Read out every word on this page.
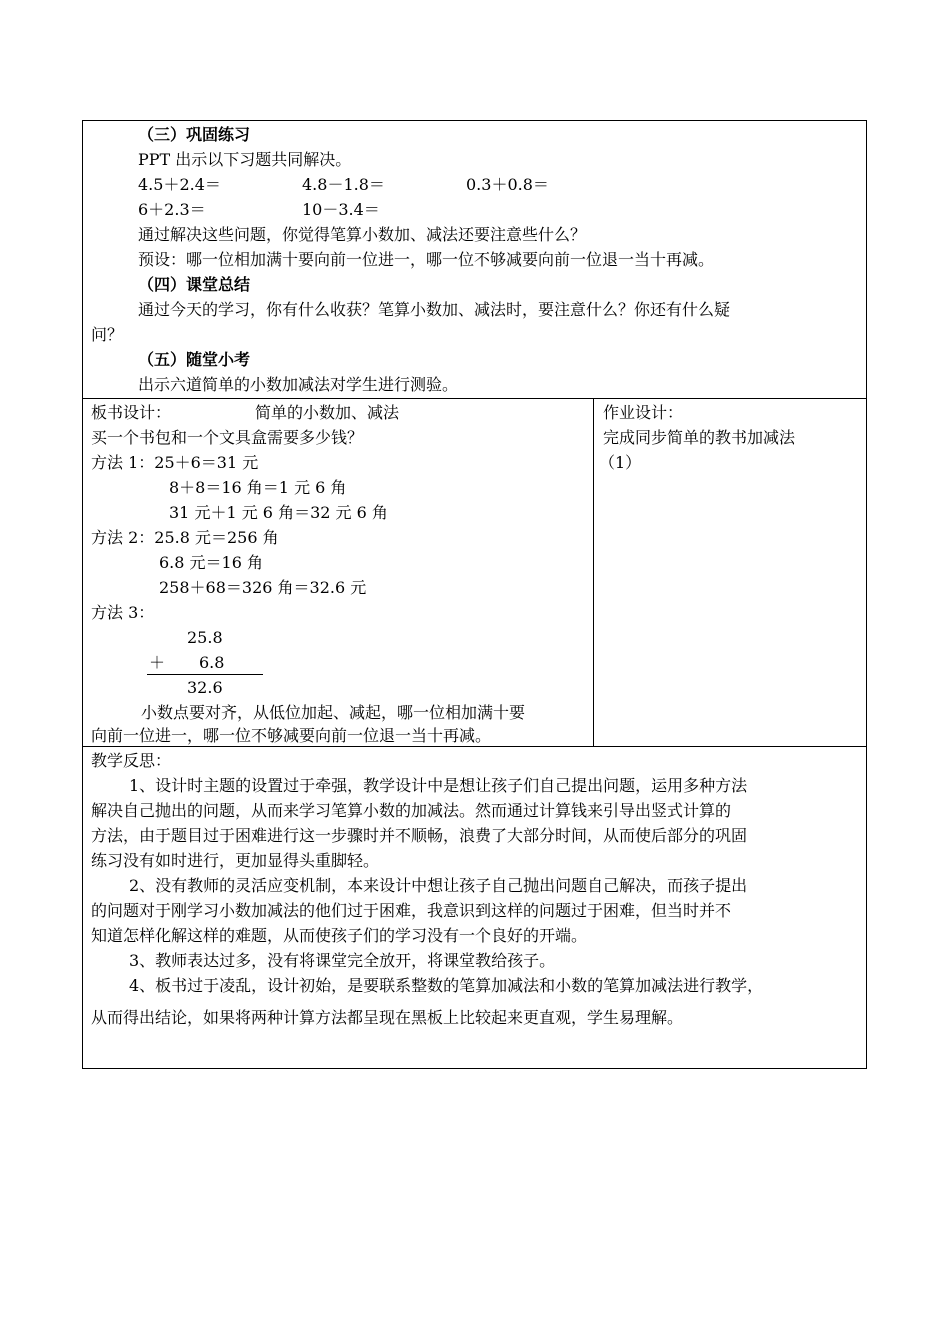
（三）巩固练习
PPT 出示以下习题共同解决。
4.5＋2.4＝	4.8－1.8＝	0.3＋0.8＝
6＋2.3＝	10－3.4＝
通过解决这些问题，你觉得笔算小数加、减法还要注意些什么？
预设：哪一位相加满十要向前一位进一，哪一位不够减要向前一位退一当十再减。
（四）课堂总结
通过今天的学习，你有什么收获？笔算小数加、减法时，要注意什么？你还有什么疑
问？
（五）随堂小考
出示六道简单的小数加减法对学生进行测验。
板书设计：	简单的小数加、减法
买一个书包和一个文具盒需要多少钱？
方法 1：25＋6＝31 元
8＋8＝16 角＝1 元 6 角
31 元＋1 元 6 角＝32 元 6 角
方法 2：25.8 元＝256 角
6.8 元＝16 角
258＋68＝326 角＝32.6 元
方法 3：
25.8
＋ 6.8
32.6
小数点要对齐，从低位加起、减起，哪一位相加满十要
向前一位进一，哪一位不够减要向前一位退一当十再减。
作业设计：
完成同步简单的教书加减法
（1）
教学反思：
1、设计时主题的设置过于牵强，教学设计中是想让孩子们自己提出问题，运用多种方法
解决自己抛出的问题，从而来学习笔算小数的加减法。然而通过计算钱来引导出竖式计算的
方法，由于题目过于困难进行这一步骤时并不顺畅，浪费了大部分时间，从而使后部分的巩固
练习没有如时进行，更加显得头重脚轻。
2、没有教师的灵活应变机制，本来设计中想让孩子自己抛出问题自己解决，而孩子提出
的问题对于刚学习小数加减法的他们过于困难，我意识到这样的问题过于困难，但当时并不
知道怎样化解这样的难题，从而使孩子们的学习没有一个良好的开端。
3、教师表达过多，没有将课堂完全放开，将课堂教给孩子。
4、板书过于凌乱，设计初始，是要联系整数的笔算加减法和小数的笔算加减法进行教学，
从而得出结论，如果将两种计算方法都呈现在黑板上比较起来更直观，学生易理解。
